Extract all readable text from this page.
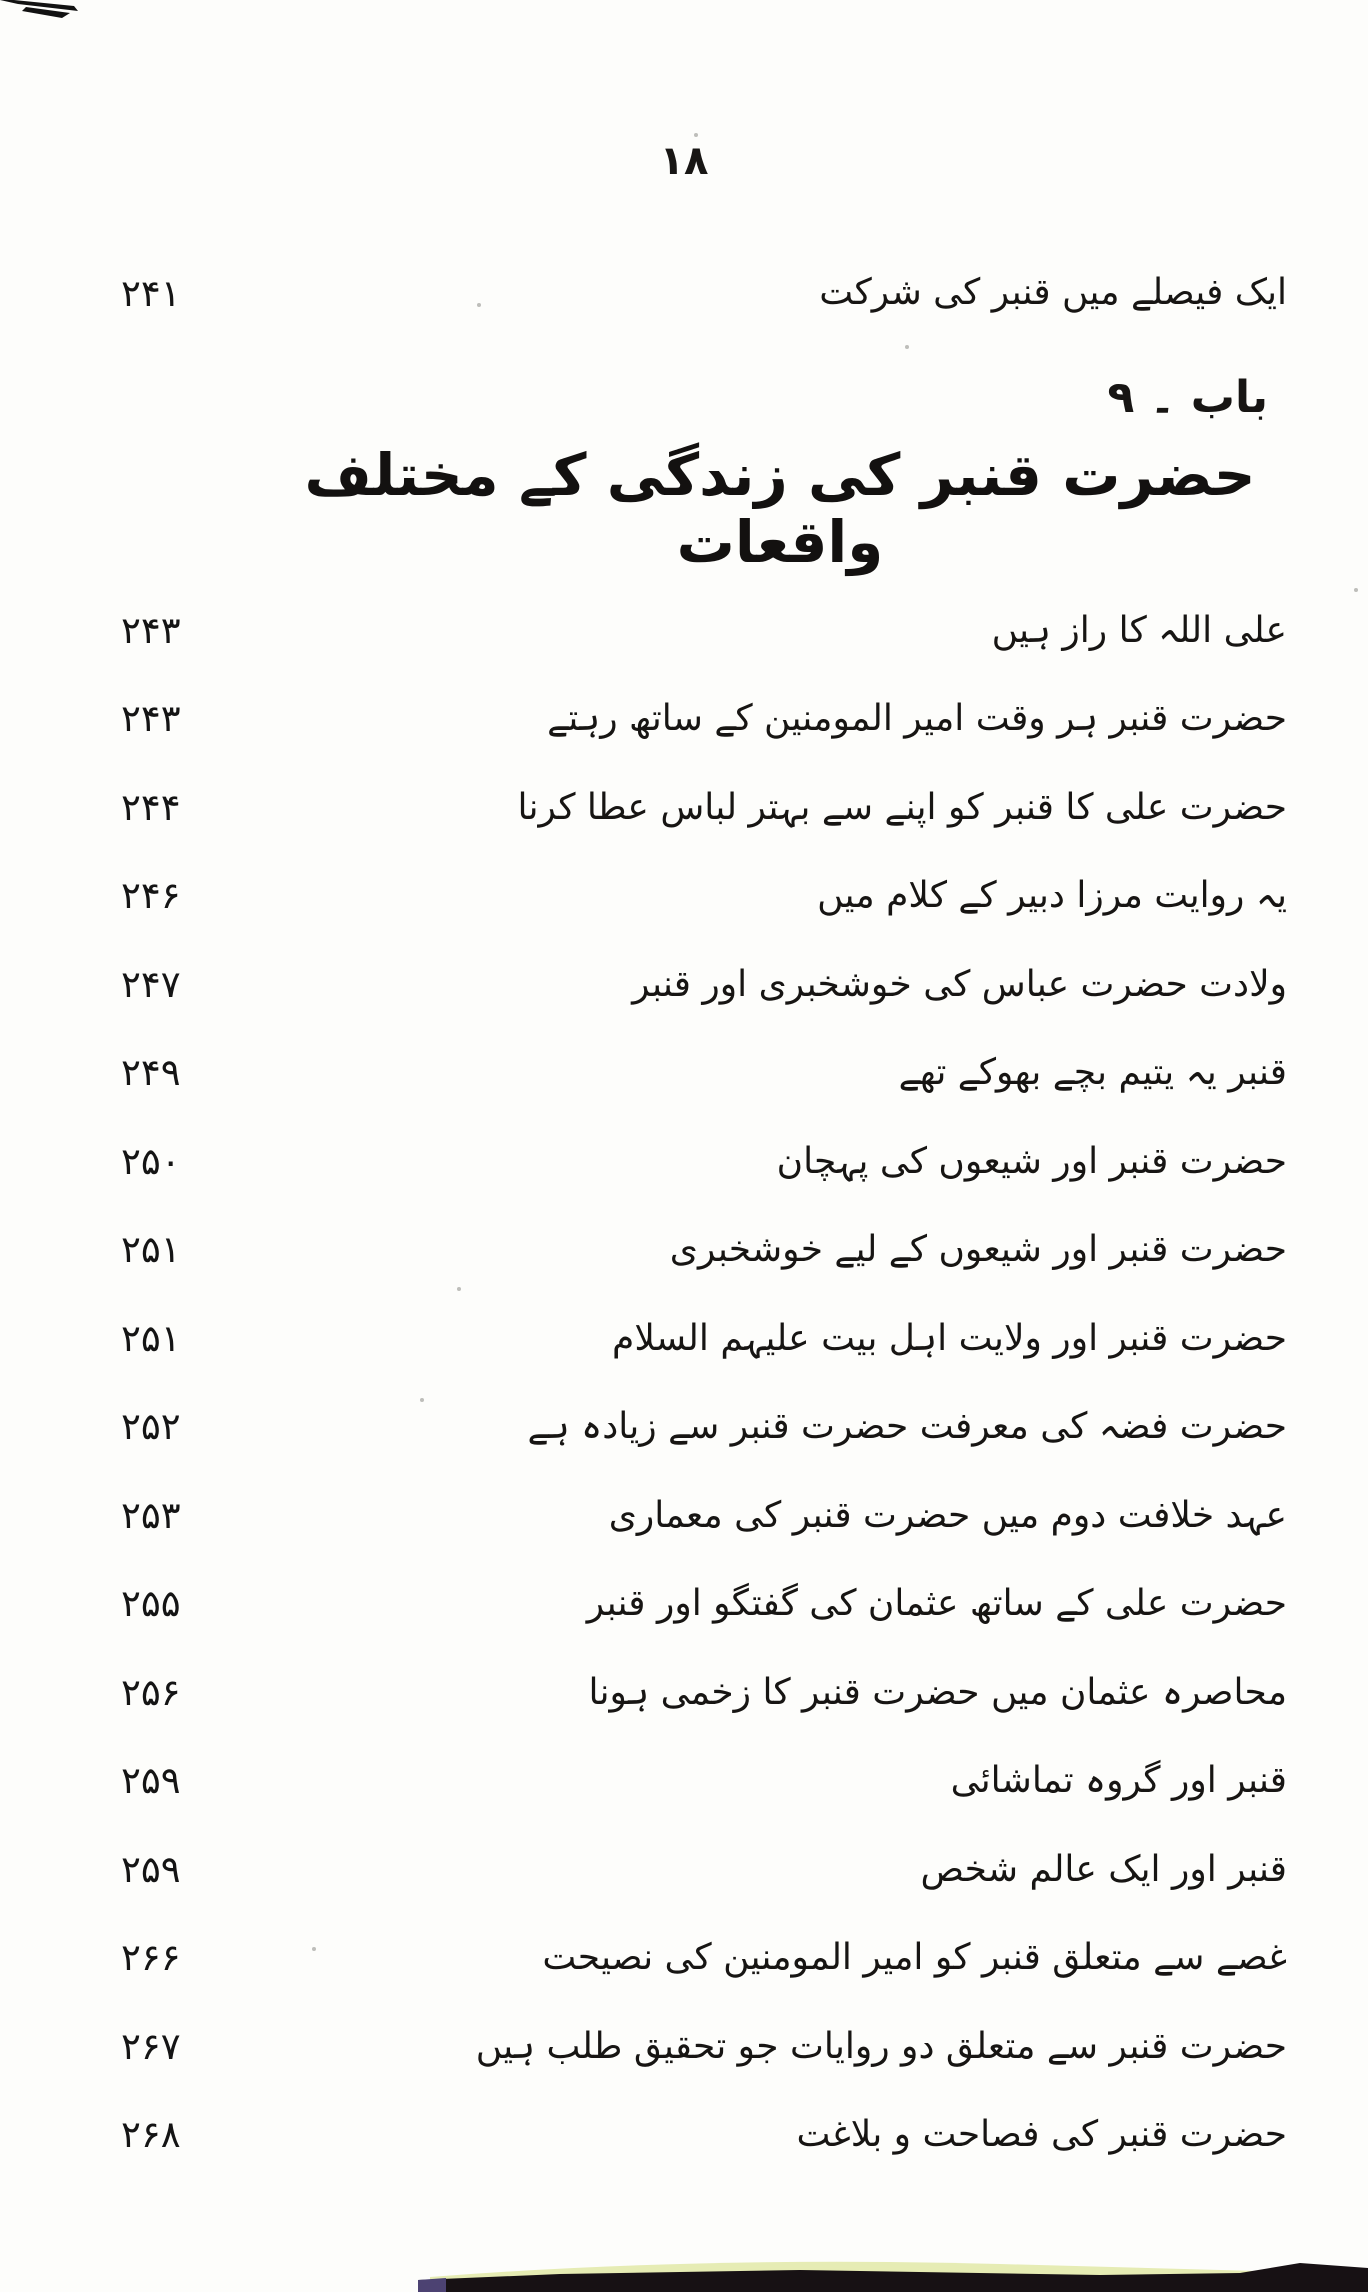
۱۸
ایک فیصلے میں قنبر کی شرکت
۲۴۱
باب ۔ ۹
حضرت قنبر کی زندگی کے مختلف واقعات
علی اللہ کا راز ہیں
۲۴۳
حضرت قنبر ہر وقت امیر المومنین کے ساتھ رہتے
۲۴۳
حضرت علی کا قنبر کو اپنے سے بہتر لباس عطا کرنا
۲۴۴
یہ روایت مرزا دبیر کے کلام میں
۲۴۶
ولادت حضرت عباس کی خوشخبری اور قنبر
۲۴۷
قنبر یہ یتیم بچے بھوکے تھے
۲۴۹
حضرت قنبر اور شیعوں کی پہچان
۲۵۰
حضرت قنبر اور شیعوں کے لیے خوشخبری
۲۵۱
حضرت قنبر اور ولایت اہل بیت علیہم السلام
۲۵۱
حضرت فضہ کی معرفت حضرت قنبر سے زیادہ ہے
۲۵۲
عہد خلافت دوم میں حضرت قنبر کی معماری
۲۵۳
حضرت علی کے ساتھ عثمان کی گفتگو اور قنبر
۲۵۵
محاصرہ عثمان میں حضرت قنبر کا زخمی ہونا
۲۵۶
قنبر اور گروہ تماشائی
۲۵۹
قنبر اور ایک عالم شخص
۲۵۹
غصے سے متعلق قنبر کو امیر المومنین کی نصیحت
۲۶۶
حضرت قنبر سے متعلق دو روایات جو تحقیق طلب ہیں
۲۶۷
حضرت قنبر کی فصاحت و بلاغت
۲۶۸
